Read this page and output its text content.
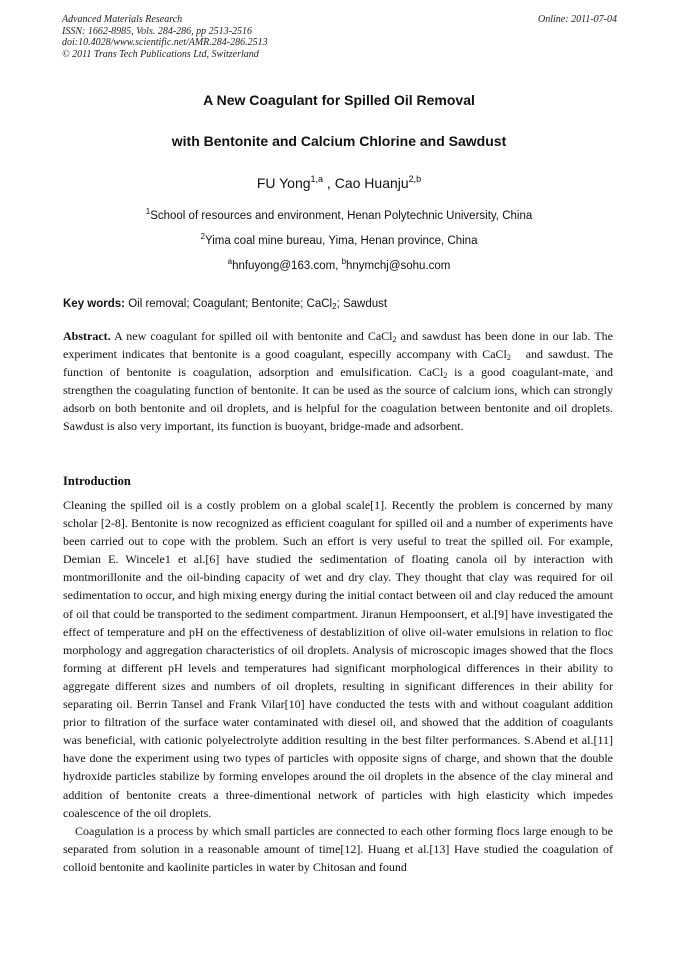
Advanced Materials Research
ISSN: 1662-8985, Vols. 284-286, pp 2513-2516
doi:10.4028/www.scientific.net/AMR.284-286.2513
© 2011 Trans Tech Publications Ltd, Switzerland
Online: 2011-07-04
A New Coagulant for Spilled Oil Removal
with Bentonite and Calcium Chlorine and Sawdust
FU Yong$^{1,a}$ , Cao Huanju$^{2,b}$
$^1$School of resources and environment, Henan Polytechnic University, China
$^2$Yima coal mine bureau, Yima, Henan province, China
$^a$hnfuyong@163.com, $^b$hnymchj@sohu.com
Key words: Oil removal; Coagulant; Bentonite; CaCl$_2$; Sawdust

Abstract. A new coagulant for spilled oil with bentonite and CaCl$_2$ and sawdust has been done in our lab. The experiment indicates that bentonite is a good coagulant, especilly accompany with CaCl$_2$   and sawdust. The function of bentonite is coagulation, adsorption and emulsification. CaCl$_2$ is a good coagulant-mate, and strengthen the coagulating function of bentonite. It can be used as the source of calcium ions, which can strongly adsorb on both bentonite and oil droplets, and is helpful for the coagulation between bentonite and oil droplets. Sawdust is also very important, its function is buoyant, bridge-made and adsorbent.

Introduction

Cleaning the spilled oil is a costly problem on a global scale[1]. Recently the problem is concerned by many scholar [2-8]. Bentonite is now recognized as efficient coagulant for spilled oil and a number of experiments have been carried out to cope with the problem. Such an effort is very useful to treat the spilled oil. For example, Demian E. Wincele1 et al.[6] have studied the sedimentation of floating canola oil by interaction with montmorillonite and the oil-binding capacity of wet and dry clay. They thought that clay was required for oil sedimentation to occur, and high mixing energy during the initial contact between oil and clay reduced the amount of oil that could be transported to the sediment compartment. Jiranun Hempoonsert, et al.[9] have investigated the effect of temperature and pH on the effectiveness of destablizition of olive oil-water emulsions in relation to floc morphology and aggregation characteristics of oil droplets. Analysis of microscopic images showed that the flocs forming at different pH levels and temperatures had significant morphological differences in their ability to aggregate different sizes and numbers of oil droplets, resulting in significant differences in their ability for separating oil. Berrin Tansel and Frank Vilar[10] have conducted the tests with and without coagulant addition prior to filtration of the surface water contaminated with diesel oil, and showed that the addition of coagulants was beneficial, with cationic polyelectrolyte addition resulting in the best filter performances. S.Abend et al.[11] have done the experiment using two types of particles with opposite signs of charge, and shown that the double hydroxide particles stabilize by forming envelopes around the oil droplets in the absence of the clay mineral and addition of bentonite creats a three-dimentional network of particles with high elasticity which impedes coalescence of the oil droplets.

Coagulation is a process by which small particles are connected to each other forming flocs large enough to be separated from solution in a reasonable amount of time[12]. Huang et al.[13] Have studied the coagulation of colloid bentonite and kaolinite particles in water by Chitosan and found
